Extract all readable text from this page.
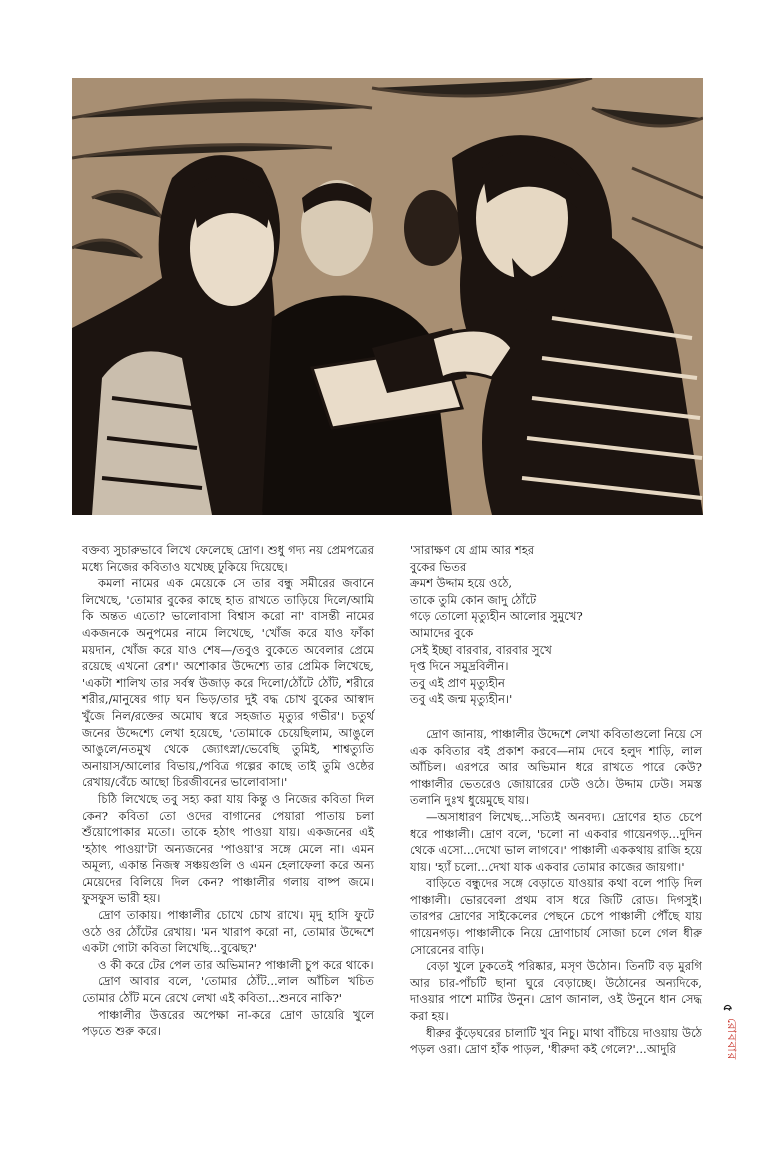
বক্তব্য সুচারুভাবে লিখে ফেলেছে দ্রোণ। শুধু গদ্য নয় প্রেমপত্রের মধ্যে নিজের কবিতাও যখেচ্ছ ঢুকিয়ে দিয়েছে।

কমলা নামের এক মেয়েকে সে তার বন্ধু সমীরের জবানে লিখেছে, 'তোমার বুকের কাছে হাত রাখতে তাড়িয়ে দিলে/আমি কি অন্তত এতো? ভালোবাসা বিশ্বাস করো না' বাসন্তী নামের একজনকে অনুপমের নামে লিখেছে, 'খোঁজ করে যাও ফাঁকা ময়দান, খোঁজ করে যাও শেষ—/তবুও বুকেতে অবেলার প্রেমে রয়েছে এখনো রেশ।' অশোকার উদ্দেশ্যে তার প্রেমিক লিখেছে, 'একটা শালিখ তার সর্বস্ব উজাড় করে দিলো/ঠোঁটে ঠোঁট, শরীরে শরীর,/মানুষের গাঢ় ঘন ভিড়/তার দুই বদ্ধ চোখ বুকের আস্বাদ খুঁজে নিল/রক্তের অমোঘ স্বরে সহজাত মৃত্যুর গভীর'। চতুর্থ জনের উদ্দেশ্যে লেখা হয়েছে, 'তোমাকে চেয়েছিলাম, আঙুলে আঙুলে/নতমুখ থেকে জ্যোৎস্না/ভেবেছি তুমিই, শাশ্বত্যুতি অনায়াস/আলোর বিভায়,/পবিত্র গল্পের কাছে তাই তুমি ওষ্ঠের রেখায়/বেঁচে আছো চিরজীবনের ভালোবাসা।'

চিঠি লিখেছে তবু সহ্য করা যায় কিন্তু ও নিজের কবিতা দিল কেন? কবিতা তো ওদের বাগানের পেয়ারা পাতায় চলা শুঁয়োপোকার মতো। তাকে হঠাৎ পাওয়া যায়। একজনের এই 'হঠাৎ পাওয়া'টা অন্যজনের 'পাওয়া'র সঙ্গে মেলে না। এমন অমূল্য, একান্ত নিজস্ব সঞ্চয়গুলি ও এমন হেলাফেলা করে অন্য মেয়েদের বিলিয়ে দিল কেন? পাঞ্চালীর গলায় বাষ্প জমে। ফুসফুস ভারী হয়।

দ্রোণ তাকায়। পাঞ্চালীর চোখে চোখ রাখে। মৃদু হাসি ফুটে ওঠে ওর ঠোঁটের রেখায়। 'মন খারাপ করো না, তোমার উদ্দেশে একটা গোটা কবিতা লিখেছি...বুঝেছ?'

ও কী করে টের পেল তার অভিমান? পাঞ্চালী চুপ করে থাকে।

দ্রোণ আবার বলে, 'তোমার ঠোঁট...লাল আঁচিল খচিত তোমার ঠোঁট মনে রেখে লেখা এই কবিতা...শুনবে নাকি?'

পাঞ্চালীর উত্তরের অপেক্ষা না-করে দ্রোণ ডায়েরি খুলে পড়তে শুরু করে।

'সারাক্ষণ যে গ্রাম আর শহর
বুকের ভিতর
ক্রমশ উদ্দাম হয়ে ওঠে,
তাকে তুমি কোন জাদু ঠোঁটে
গড়ে তোলো মৃত্যুহীন আলোর সুমুখে?
আমাদের বুকে
সেই ইচ্ছা বারবার, বারবার সুখে
দৃপ্ত দিনে সমুদ্রবিলীন।
তবু এই প্রাণ মৃত্যুহীন
তবু এই জন্ম মৃত্যুহীন।'

দ্রোণ জানায়, পাঞ্চালীর উদ্দেশে লেখা কবিতাগুলো নিয়ে সে এক কবিতার বই প্রকাশ করবে—নাম দেবে হলুদ শাড়ি, লাল আঁচিল। এরপরে আর অভিমান ধরে রাখতে পারে কেউ? পাঞ্চালীর ভেতরেও জোয়ারের ঢেউ ওঠে। উদ্দাম ঢেউ। সমস্ত তলানি দুঃখ ধুয়েমুছে যায়।

—অসাধারণ লিখেছ...সত্যিই অনবদ্য। দ্রোণের হাত চেপে ধরে পাঞ্চালী। দ্রোণ বলে, 'চলো না একবার গায়েনগড়...দুদিন থেকে এসো...দেখো ভাল লাগবে।' পাঞ্চালী এককথায় রাজি হয়ে যায়। 'হ্যাঁ চলো...দেখা যাক একবার তোমার কাজের জায়গা।'

বাড়িতে বন্ধুদের সঙ্গে বেড়াতে যাওয়ার কথা বলে পাড়ি দিল পাঞ্চালী। ভোরবেলা প্রথম বাস ধরে জিটি রোড। দিগসুই। তারপর দ্রোণের সাইকেলের পেছনে চেপে পাঞ্চালী পৌঁছে যায় গায়েনগড়। পাঞ্চালীকে নিয়ে দ্রোণাচার্য সোজা চলে গেল ধীরু সোরেনের বাড়ি।

বেড়া খুলে ঢুকতেই পরিষ্কার, মসৃণ উঠোন। তিনটি বড় মুরগি আর চার-পাঁচটি ছানা ঘুরে বেড়াচ্ছে। উঠোনের অন্যদিকে, দাওয়ার পাশে মাটির উনুন। দ্রোণ জানাল, ওই উনুনে ধান সেদ্ধ করা হয়।

ধীরুর কুঁড়েঘরের চালাটি খুব নিচু। মাথা বাঁচিয়ে দাওয়ায় উঠে পড়ল ওরা। দ্রোণ হাঁক পাড়ল, 'ধীরুদা কই গেলে?'...আদুরি

৫
রোববার
